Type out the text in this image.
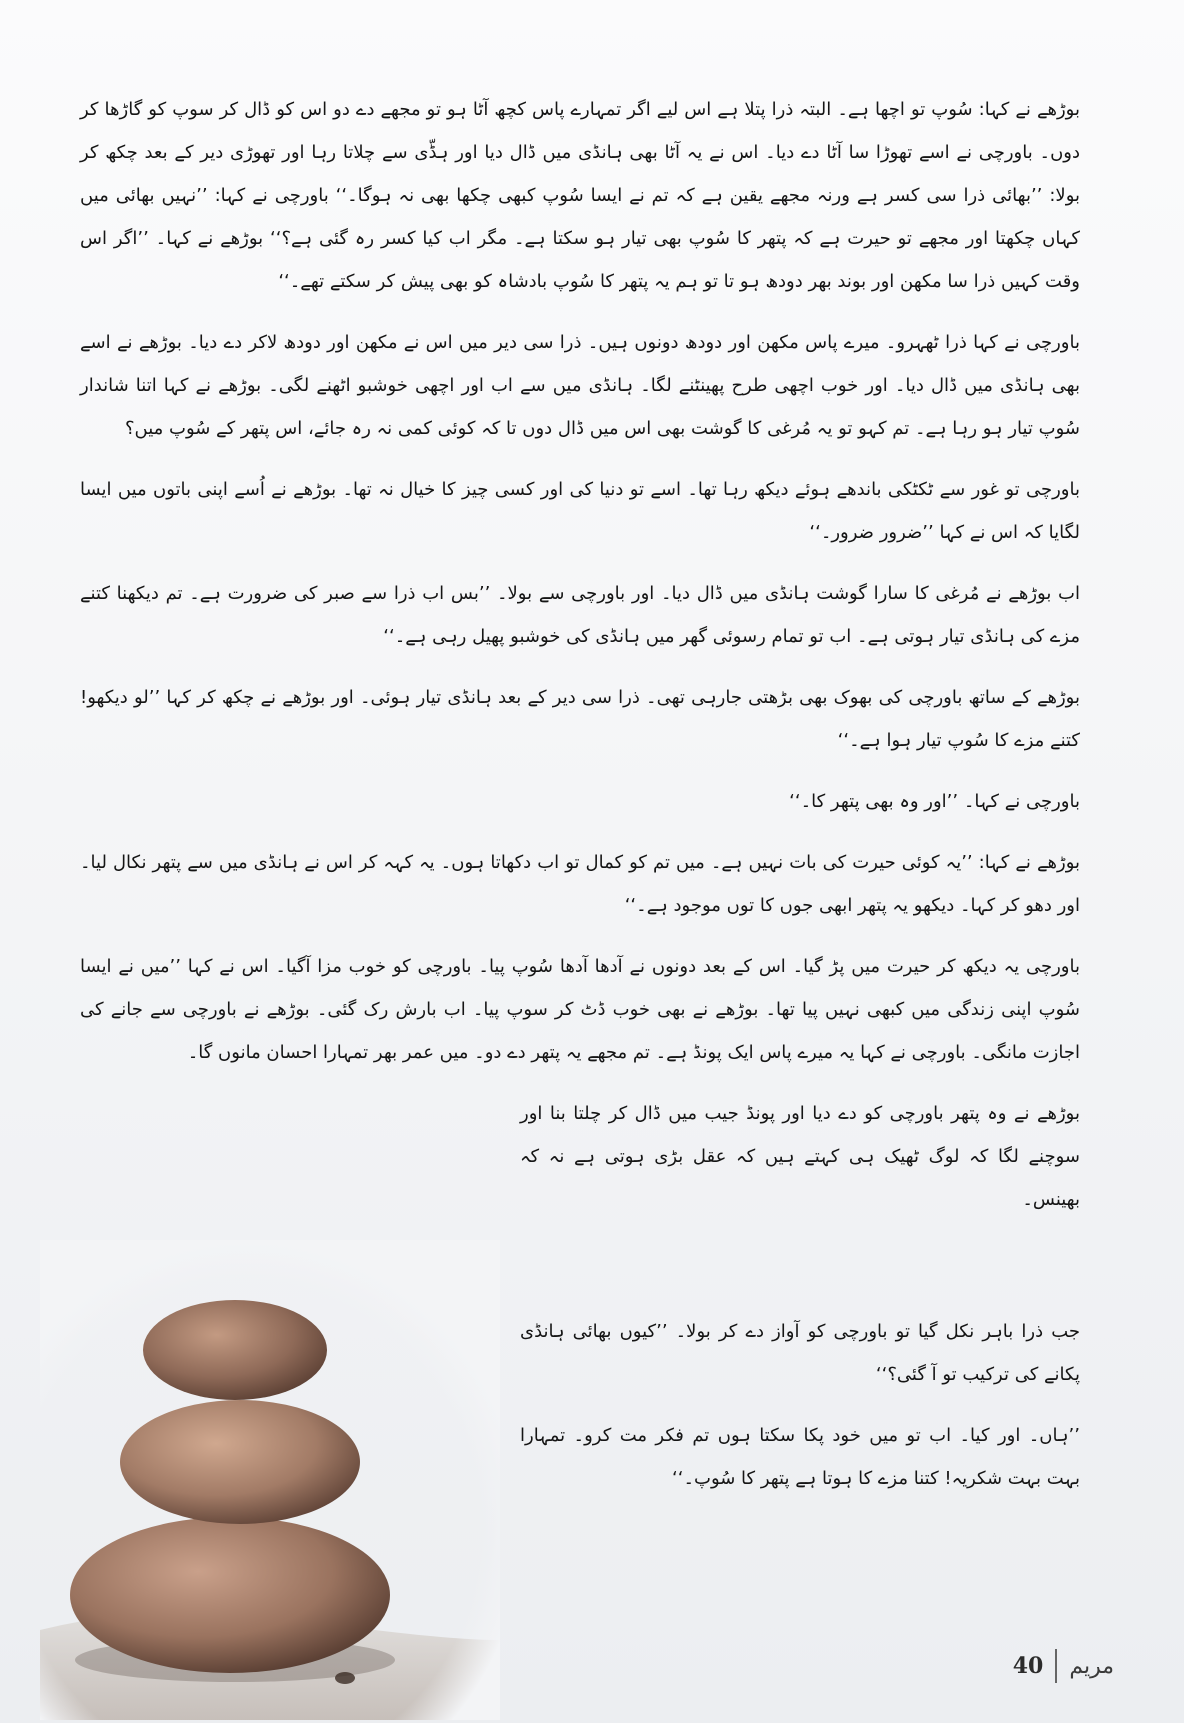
بوڑھے نے کہا: سُوپ تو اچھا ہے۔ البتہ ذرا پتلا ہے اس لیے اگر تمہارے پاس کچھ آٹا ہو تو مجھے دے دو اس کو ڈال کر سوپ کو گاڑھا کر دوں۔ باورچی نے اسے تھوڑا سا آٹا دے دیا۔ اس نے یہ آٹا بھی ہانڈی میں ڈال دیا اور ہڈّی سے چلاتا رہا اور تھوڑی دیر کے بعد چکھ کر بولا: ’’بھائی ذرا سی کسر ہے ورنہ مجھے یقین ہے کہ تم نے ایسا سُوپ کبھی چکھا بھی نہ ہوگا۔‘‘ باورچی نے کہا: ’’نہیں بھائی میں کہاں چکھتا اور مجھے تو حیرت ہے کہ پتھر کا سُوپ بھی تیار ہو سکتا ہے۔ مگر اب کیا کسر رہ گئی ہے؟‘‘ بوڑھے نے کہا۔ ’’اگر اس وقت کہیں ذرا سا مکھن اور بوند بھر دودھ ہو تا تو ہم یہ پتھر کا سُوپ بادشاہ کو بھی پیش کر سکتے تھے۔‘‘

باورچی نے کہا ذرا ٹھہرو۔ میرے پاس مکھن اور دودھ دونوں ہیں۔ ذرا سی دیر میں اس نے مکھن اور دودھ لاکر دے دیا۔ بوڑھے نے اسے بھی ہانڈی میں ڈال دیا۔ اور خوب اچھی طرح پھینٹنے لگا۔ ہانڈی میں سے اب اور اچھی خوشبو اٹھنے لگی۔ بوڑھے نے کہا اتنا شاندار سُوپ تیار ہو رہا ہے۔ تم کہو تو یہ مُرغی کا گوشت بھی اس میں ڈال دوں تا کہ کوئی کمی نہ رہ جائے، اس پتھر کے سُوپ میں؟

باورچی تو غور سے ٹکٹکی باندھے ہوئے دیکھ رہا تھا۔ اسے تو دنیا کی اور کسی چیز کا خیال نہ تھا۔ بوڑھے نے اُسے اپنی باتوں میں ایسا لگایا کہ اس نے کہا ’’ضرور ضرور۔‘‘

اب بوڑھے نے مُرغی کا سارا گوشت ہانڈی میں ڈال دیا۔ اور باورچی سے بولا۔ ’’بس اب ذرا سے صبر کی ضرورت ہے۔ تم دیکھنا کتنے مزے کی ہانڈی تیار ہوتی ہے۔ اب تو تمام رسوئی گھر میں ہانڈی کی خوشبو پھیل رہی ہے۔‘‘

بوڑھے کے ساتھ باورچی کی بھوک بھی بڑھتی جارہی تھی۔ ذرا سی دیر کے بعد ہانڈی تیار ہوئی۔ اور بوڑھے نے چکھ کر کہا ’’لو دیکھو! کتنے مزے کا سُوپ تیار ہوا ہے۔‘‘

باورچی نے کہا۔ ’’اور وہ بھی پتھر کا۔‘‘

بوڑھے نے کہا: ’’یہ کوئی حیرت کی بات نہیں ہے۔ میں تم کو کمال تو اب دکھاتا ہوں۔ یہ کہہ کر اس نے ہانڈی میں سے پتھر نکال لیا۔ اور دھو کر کہا۔ دیکھو یہ پتھر ابھی جوں کا توں موجود ہے۔‘‘

باورچی یہ دیکھ کر حیرت میں پڑ گیا۔ اس کے بعد دونوں نے آدھا آدھا سُوپ پیا۔ باورچی کو خوب مزا آگیا۔ اس نے کہا ’’میں نے ایسا سُوپ اپنی زندگی میں کبھی نہیں پیا تھا۔ بوڑھے نے بھی خوب ڈٹ کر سوپ پیا۔ اب بارش رک گئی۔ بوڑھے نے باورچی سے جانے کی اجازت مانگی۔ باورچی نے کہا یہ میرے پاس ایک پونڈ ہے۔ تم مجھے یہ پتھر دے دو۔ میں عمر بھر تمہارا احسان مانوں گا۔

بوڑھے نے وہ پتھر باورچی کو دے دیا اور پونڈ جیب میں ڈال کر چلتا بنا اور سوچنے لگا کہ لوگ ٹھیک ہی کہتے ہیں کہ عقل بڑی ہوتی ہے نہ کہ بھینس۔

جب ذرا باہر نکل گیا تو باورچی کو آواز دے کر بولا۔ ’’کیوں بھائی ہانڈی پکانے کی ترکیب تو آ گئی؟‘‘

’’ہاں۔ اور کیا۔ اب تو میں خود پکا سکتا ہوں تم فکر مت کرو۔ تمہارا بہت بہت شکریہ! کتنا مزے کا ہوتا ہے پتھر کا سُوپ۔‘‘

مریم
40
